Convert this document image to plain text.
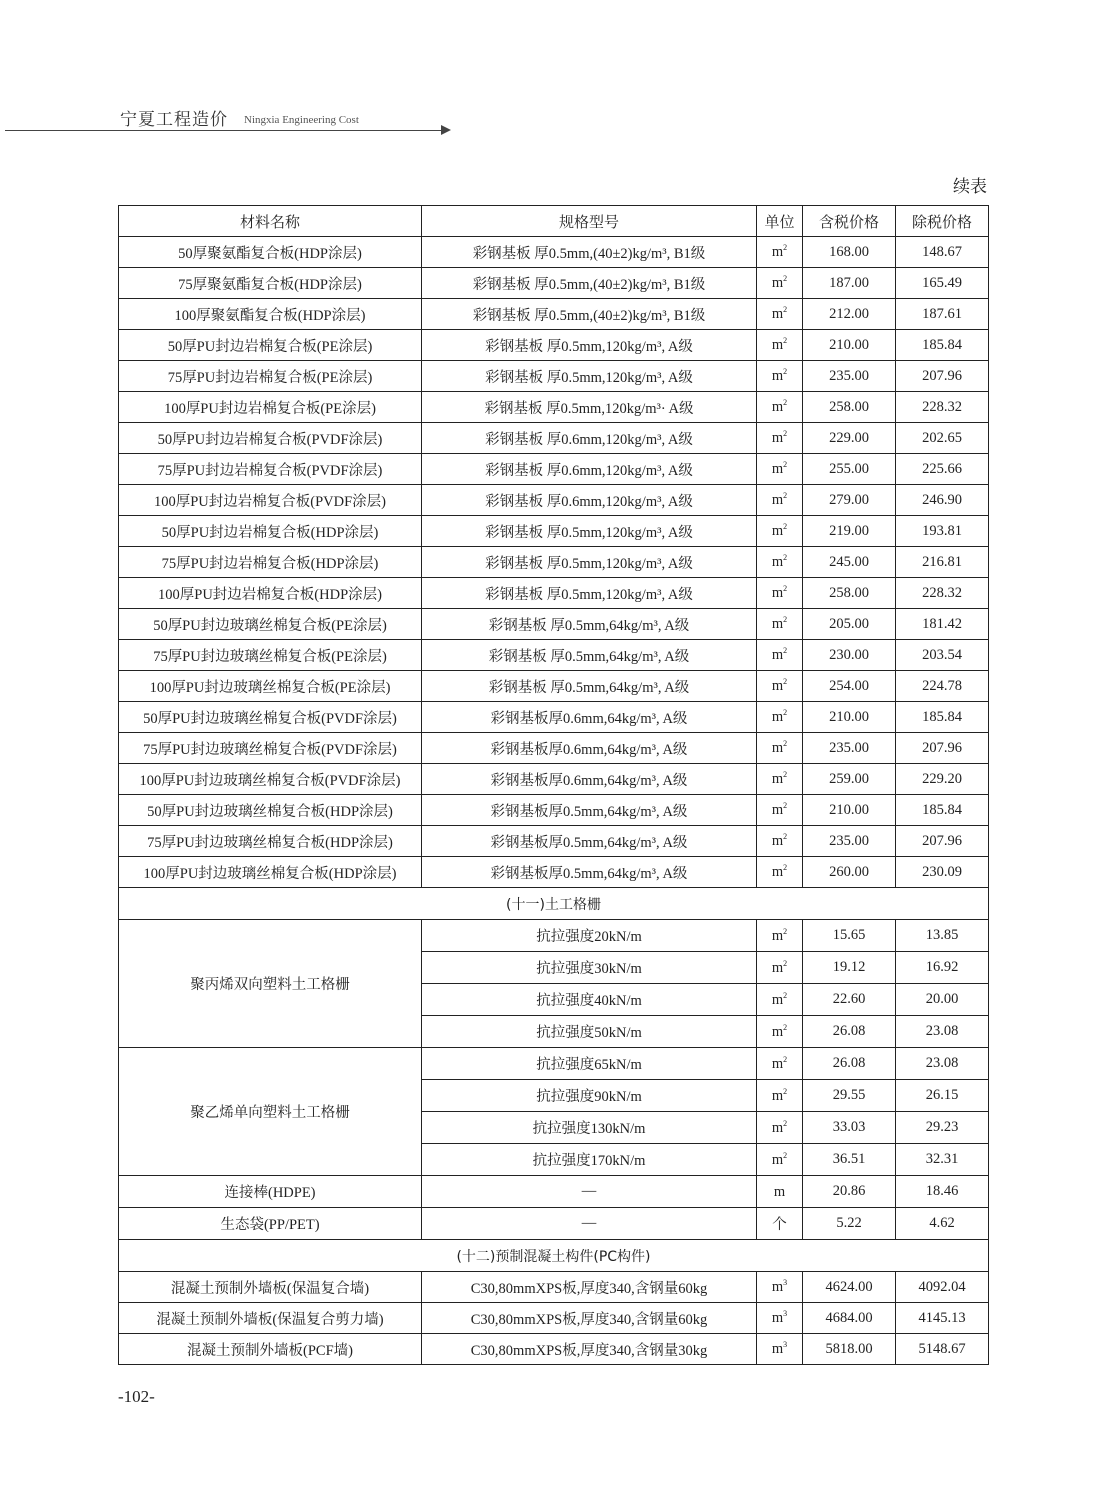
宁夏工程造价 Ningxia Engineering Cost
续表
材料名称	规格型号	单位	含税价格	除税价格
50厚聚氨酯复合板(HDP涂层)	彩钢基板 厚0.5mm,(40±2)kg/m³, B1级	$m^2$	168.00	148.67
75厚聚氨酯复合板(HDP涂层)	彩钢基板 厚0.5mm,(40±2)kg/m³, B1级	$m^2$	187.00	165.49
100厚聚氨酯复合板(HDP涂层)	彩钢基板 厚0.5mm,(40±2)kg/m³, B1级	$m^2$	212.00	187.61
50厚PU封边岩棉复合板(PE涂层)	彩钢基板 厚0.5mm,120kg/m³, A级	$m^2$	210.00	185.84
75厚PU封边岩棉复合板(PE涂层)	彩钢基板 厚0.5mm,120kg/m³, A级	$m^2$	235.00	207.96
100厚PU封边岩棉复合板(PE涂层)	彩钢基板 厚0.5mm,120kg/m³· A级	$m^2$	258.00	228.32
50厚PU封边岩棉复合板(PVDF涂层)	彩钢基板 厚0.6mm,120kg/m³, A级	$m^2$	229.00	202.65
75厚PU封边岩棉复合板(PVDF涂层)	彩钢基板 厚0.6mm,120kg/m³, A级	$m^2$	255.00	225.66
100厚PU封边岩棉复合板(PVDF涂层)	彩钢基板 厚0.6mm,120kg/m³, A级	$m^2$	279.00	246.90
50厚PU封边岩棉复合板(HDP涂层)	彩钢基板 厚0.5mm,120kg/m³, A级	$m^2$	219.00	193.81
75厚PU封边岩棉复合板(HDP涂层)	彩钢基板 厚0.5mm,120kg/m³, A级	$m^2$	245.00	216.81
100厚PU封边岩棉复合板(HDP涂层)	彩钢基板 厚0.5mm,120kg/m³, A级	$m^2$	258.00	228.32
50厚PU封边玻璃丝棉复合板(PE涂层)	彩钢基板 厚0.5mm,64kg/m³, A级	$m^2$	205.00	181.42
75厚PU封边玻璃丝棉复合板(PE涂层)	彩钢基板 厚0.5mm,64kg/m³, A级	$m^2$	230.00	203.54
100厚PU封边玻璃丝棉复合板(PE涂层)	彩钢基板 厚0.5mm,64kg/m³, A级	$m^2$	254.00	224.78
50厚PU封边玻璃丝棉复合板(PVDF涂层)	彩钢基板厚0.6mm,64kg/m³, A级	$m^2$	210.00	185.84
75厚PU封边玻璃丝棉复合板(PVDF涂层)	彩钢基板厚0.6mm,64kg/m³, A级	$m^2$	235.00	207.96
100厚PU封边玻璃丝棉复合板(PVDF涂层)	彩钢基板厚0.6mm,64kg/m³, A级	$m^2$	259.00	229.20
50厚PU封边玻璃丝棉复合板(HDP涂层)	彩钢基板厚0.5mm,64kg/m³, A级	$m^2$	210.00	185.84
75厚PU封边玻璃丝棉复合板(HDP涂层)	彩钢基板厚0.5mm,64kg/m³, A级	$m^2$	235.00	207.96
100厚PU封边玻璃丝棉复合板(HDP涂层)	彩钢基板厚0.5mm,64kg/m³, A级	$m^2$	260.00	230.09
(十一)土工格栅				
聚丙烯双向塑料土工格栅	抗拉强度20kN/m	$m^2$	15.65	13.85
	抗拉强度30kN/m	$m^2$	19.12	16.92
	抗拉强度40kN/m	$m^2$	22.60	20.00
	抗拉强度50kN/m	$m^2$	26.08	23.08
聚乙烯单向塑料土工格栅	抗拉强度65kN/m	$m^2$	26.08	23.08
	抗拉强度90kN/m	$m^2$	29.55	26.15
	抗拉强度130kN/m	$m^2$	33.03	29.23
	抗拉强度170kN/m	$m^2$	36.51	32.31
连接棒(HDPE)	—	m	20.86	18.46
生态袋(PP/PET)	—	个	5.22	4.62
(十二)预制混凝土构件(PC构件)				
混凝土预制外墙板(保温复合墙)	C30,80mmXPS板,厚度340,含钢量60kg	$m^3$	4624.00	4092.04
混凝土预制外墙板(保温复合剪力墙)	C30,80mmXPS板,厚度340,含钢量60kg	$m^3$	4684.00	4145.13
混凝土预制外墙板(PCF墙)	C30,80mmXPS板,厚度340,含钢量30kg	$m^3$	5818.00	5148.67
-102-
